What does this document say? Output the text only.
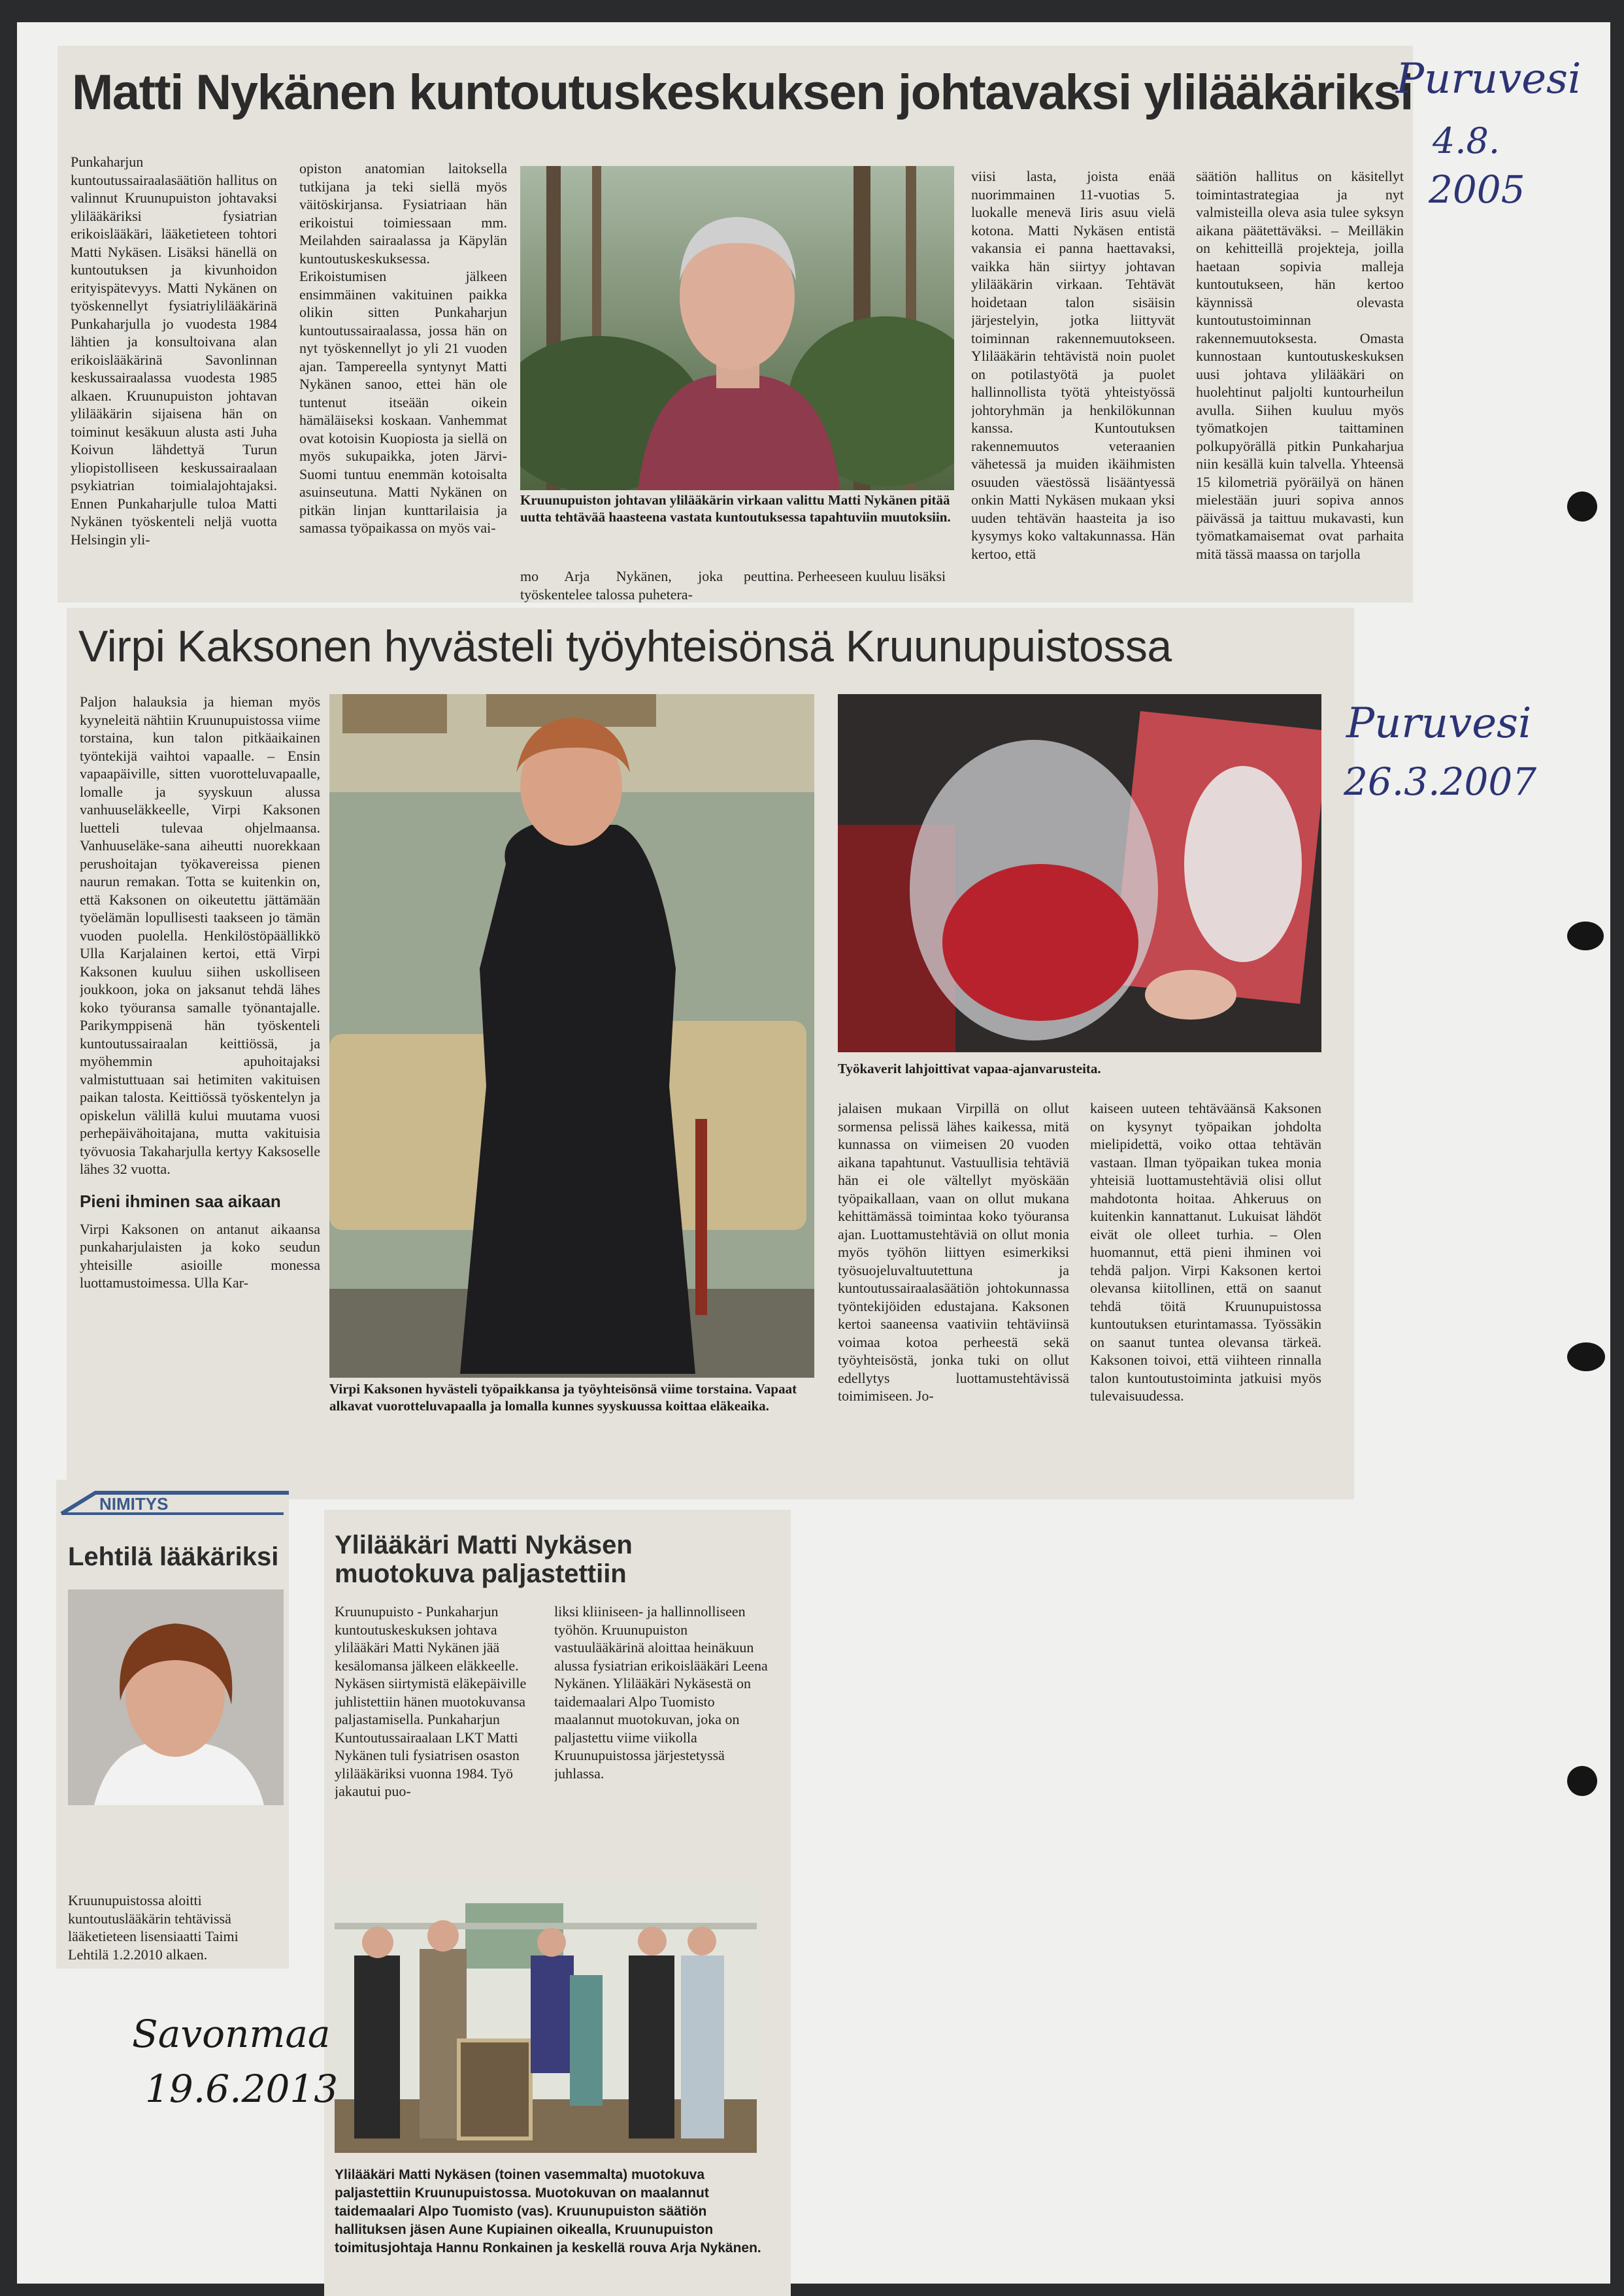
Matti Nykänen kuntoutuskeskuksen johtavaksi ylilääkäriksi
Punkaharjun kuntoutussairaalasäätiön hallitus on valinnut Kruunupuiston johtavaksi ylilääkäriksi fysiatrian erikoislääkäri, lääketieteen tohtori Matti Nykäsen. Lisäksi hänellä on kuntoutuksen ja kivunhoidon erityispätevyys. Matti Nykänen on työskennellyt fysiatriylilääkärinä Punkaharjulla jo vuodesta 1984 lähtien ja konsultoivana alan erikoislääkärinä Savonlinnan keskussairaalassa vuodesta 1985 alkaen. Kruunupuiston johtavan ylilääkärin sijaisena hän on toiminut kesäkuun alusta asti Juha Koivun lähdettyä Turun yliopistolliseen keskussairaalaan psykiatrian toimialajohtajaksi. Ennen Punkaharjulle tuloa Matti Nykänen työskenteli neljä vuotta Helsingin yli-
opiston anatomian laitoksella tutkijana ja teki siellä myös väitöskirjansa. Fysiatriaan hän erikoistui toimiessaan mm. Meilahden sairaalassa ja Käpylän kuntoutuskeskuksessa. Erikoistumisen jälkeen ensimmäinen vakituinen paikka olikin sitten Punkaharjun kuntoutussairaalassa, jossa hän on nyt työskennellyt jo yli 21 vuoden ajan. Tampereella syntynyt Matti Nykänen sanoo, ettei hän ole tuntenut itseään oikein hämäläiseksi koskaan. Vanhemmat ovat kotoisin Kuopiosta ja siellä on myös sukupaikka, joten Järvi-Suomi tuntuu enemmän kotoisalta asuinseutuna. Matti Nykänen on pitkän linjan kunttarilaisia ja samassa työpaikassa on myös vai-
Kruunupuiston johtavan ylilääkärin virkaan valittu Matti Nykänen pitää uutta tehtävää haasteena vastata kuntoutuksessa tapahtuviin muutoksiin.
mo Arja Nykänen, joka työskentelee talossa puhetera-
peuttina. Perheeseen kuuluu lisäksi
viisi lasta, joista enää nuorimmainen 11-vuotias 5. luokalle menevä Iiris asuu vielä kotona. Matti Nykäsen entistä vakansia ei panna haettavaksi, vaikka hän siirtyy johtavan ylilääkärin virkaan. Tehtävät hoidetaan talon sisäisin järjestelyin, jotka liittyvät toiminnan rakennemuutokseen. Ylilääkärin tehtävistä noin puolet on potilastyötä ja puolet hallinnollista työtä yhteistyössä johtoryhmän ja henkilökunnan kanssa. Kuntoutuksen rakennemuutos veteraanien vähetessä ja muiden ikäihmisten osuuden väestössä lisääntyessä onkin Matti Nykäsen mukaan yksi uuden tehtävän haasteita ja iso kysymys koko valtakunnassa. Hän kertoo, että
säätiön hallitus on käsitellyt toimintastrategiaa ja nyt valmisteilla oleva asia tulee syksyn aikana päätettäväksi. – Meilläkin on kehitteillä projekteja, joilla haetaan sopivia malleja kuntoutukseen, hän kertoo käynnissä olevasta kuntoutustoiminnan rakennemuutoksesta. Omasta kunnostaan kuntoutuskeskuksen uusi johtava ylilääkäri on huolehtinut paljolti kuntourheilun avulla. Siihen kuuluu myös työmatkojen taittaminen polkupyörällä pitkin Punkaharjua niin kesällä kuin talvella. Yhteensä 15 kilometriä pyöräilyä on hänen mielestään juuri sopiva annos päivässä ja taittuu mukavasti, kun työmatkamaisemat ovat parhaita mitä tässä maassa on tarjolla
Virpi Kaksonen hyvästeli työyhteisönsä Kruunupuistossa
Paljon halauksia ja hieman myös kyyneleitä nähtiin Kruunupuistossa viime torstaina, kun talon pitkäaikainen työntekijä vaihtoi vapaalle. – Ensin vapaapäiville, sitten vuorotteluvapaalle, lomalle ja syyskuun alussa vanhuuseläkkeelle, Virpi Kaksonen luetteli tulevaa ohjelmaansa. Vanhuuseläke-sana aiheutti nuorekkaan perushoitajan työkavereissa pienen naurun remakan. Totta se kuitenkin on, että Kaksonen on oikeutettu jättämään työelämän lopullisesti taakseen jo tämän vuoden puolella. Henkilöstöpäällikkö Ulla Karjalainen kertoi, että Virpi Kaksonen kuuluu siihen uskolliseen joukkoon, joka on jaksanut tehdä lähes koko työuransa samalle työnantajalle. Parikymppisenä hän työskenteli kuntoutussairaalan keittiössä, ja myöhemmin apuhoitajaksi valmistuttuaan sai hetimiten vakituisen paikan talosta. Keittiössä työskentelyn ja opiskelun välillä kului muutama vuosi perhepäivähoitajana, mutta vakituisia työvuosia Takaharjulla kertyy Kaksoselle lähes 32 vuotta.
Pieni ihminen saa aikaan
Virpi Kaksonen on antanut aikaansa punkaharjulaisten ja koko seudun yhteisille asioille monessa luottamustoimessa. Ulla Kar-
Virpi Kaksonen hyvästeli työpaikkansa ja työyhteisönsä viime torstaina. Vapaat alkavat vuorotteluvapaalla ja lomalla kunnes syyskuussa koittaa eläkeaika.
Työkaverit lahjoittivat vapaa-ajanvarusteita.
jalaisen mukaan Virpillä on ollut sormensa pelissä lähes kaikessa, mitä kunnassa on viimeisen 20 vuoden aikana tapahtunut. Vastuullisia tehtäviä hän ei ole vältellyt myöskään työpaikallaan, vaan on ollut mukana kehittämässä toimintaa koko työuransa ajan. Luottamustehtäviä on ollut monia myös työhön liittyen esimerkiksi työsuojeluvaltuutettuna ja kuntoutussairaalasäätiön johtokunnassa työntekijöiden edustajana. Kaksonen kertoi saaneensa vaativiin tehtäviinsä voimaa kotoa perheestä sekä työyhteisöstä, jonka tuki on ollut edellytys luottamustehtävissä toimimiseen. Jo-
kaiseen uuteen tehtäväänsä Kaksonen on kysynyt työpaikan johdolta mielipidettä, voiko ottaa tehtävän vastaan. Ilman työpaikan tukea monia yhteisiä luottamustehtäviä olisi ollut mahdotonta hoitaa. Ahkeruus on kuitenkin kannattanut. Lukuisat lähdöt eivät ole olleet turhia. – Olen huomannut, että pieni ihminen voi tehdä paljon. Virpi Kaksonen kertoi olevansa kiitollinen, että on saanut tehdä töitä Kruunupuistossa kuntoutuksen eturintamassa. Työssäkin on saanut tuntea olevansa tärkeä. Kaksonen toivoi, että viihteen rinnalla talon kuntoutustoiminta jatkuisi myös tulevaisuudessa.
NIMITYS
Lehtilä lääkäriksi
Kruunupuistossa aloitti kuntoutuslääkärin tehtävissä lääketieteen lisensiaatti Taimi Lehtilä 1.2.2010 alkaen.
Ylilääkäri Matti Nykäsen
muotokuva paljastettiin
Kruunupuisto - Punkaharjun kuntoutuskeskuksen johtava ylilääkäri Matti Nykänen jää kesälomansa jälkeen eläkkeelle. Nykäsen siirtymistä eläkepäiville juhlistettiin hänen muotokuvansa paljastamisella. Punkaharjun Kuntoutussairaalaan LKT Matti Nykänen tuli fysiatrisen osaston ylilääkäriksi vuonna 1984. Työ jakautui puo-
liksi kliiniseen- ja hallinnolliseen työhön. Kruunupuiston vastuulääkärinä aloittaa heinäkuun alussa fysiatrian erikoislääkäri Leena Nykänen. Ylilääkäri Nykäsestä on taidemaalari Alpo Tuomisto maalannut muotokuvan, joka on paljastettu viime viikolla Kruunupuistossa järjestetyssä juhlassa.
Ylilääkäri Matti Nykäsen (toinen vasemmalta) muotokuva paljastettiin Kruunupuistossa. Muotokuvan on maalannut taidemaalari Alpo Tuomisto (vas). Kruunupuiston säätiön hallituksen jäsen Aune Kupiainen oikealla, Kruunupuiston toimitusjohtaja Hannu Ronkainen ja keskellä rouva Arja Nykänen.
Puruvesi
4.8.
2005
Puruvesi
26.3.2007
Savonmaa
19.6.2013
